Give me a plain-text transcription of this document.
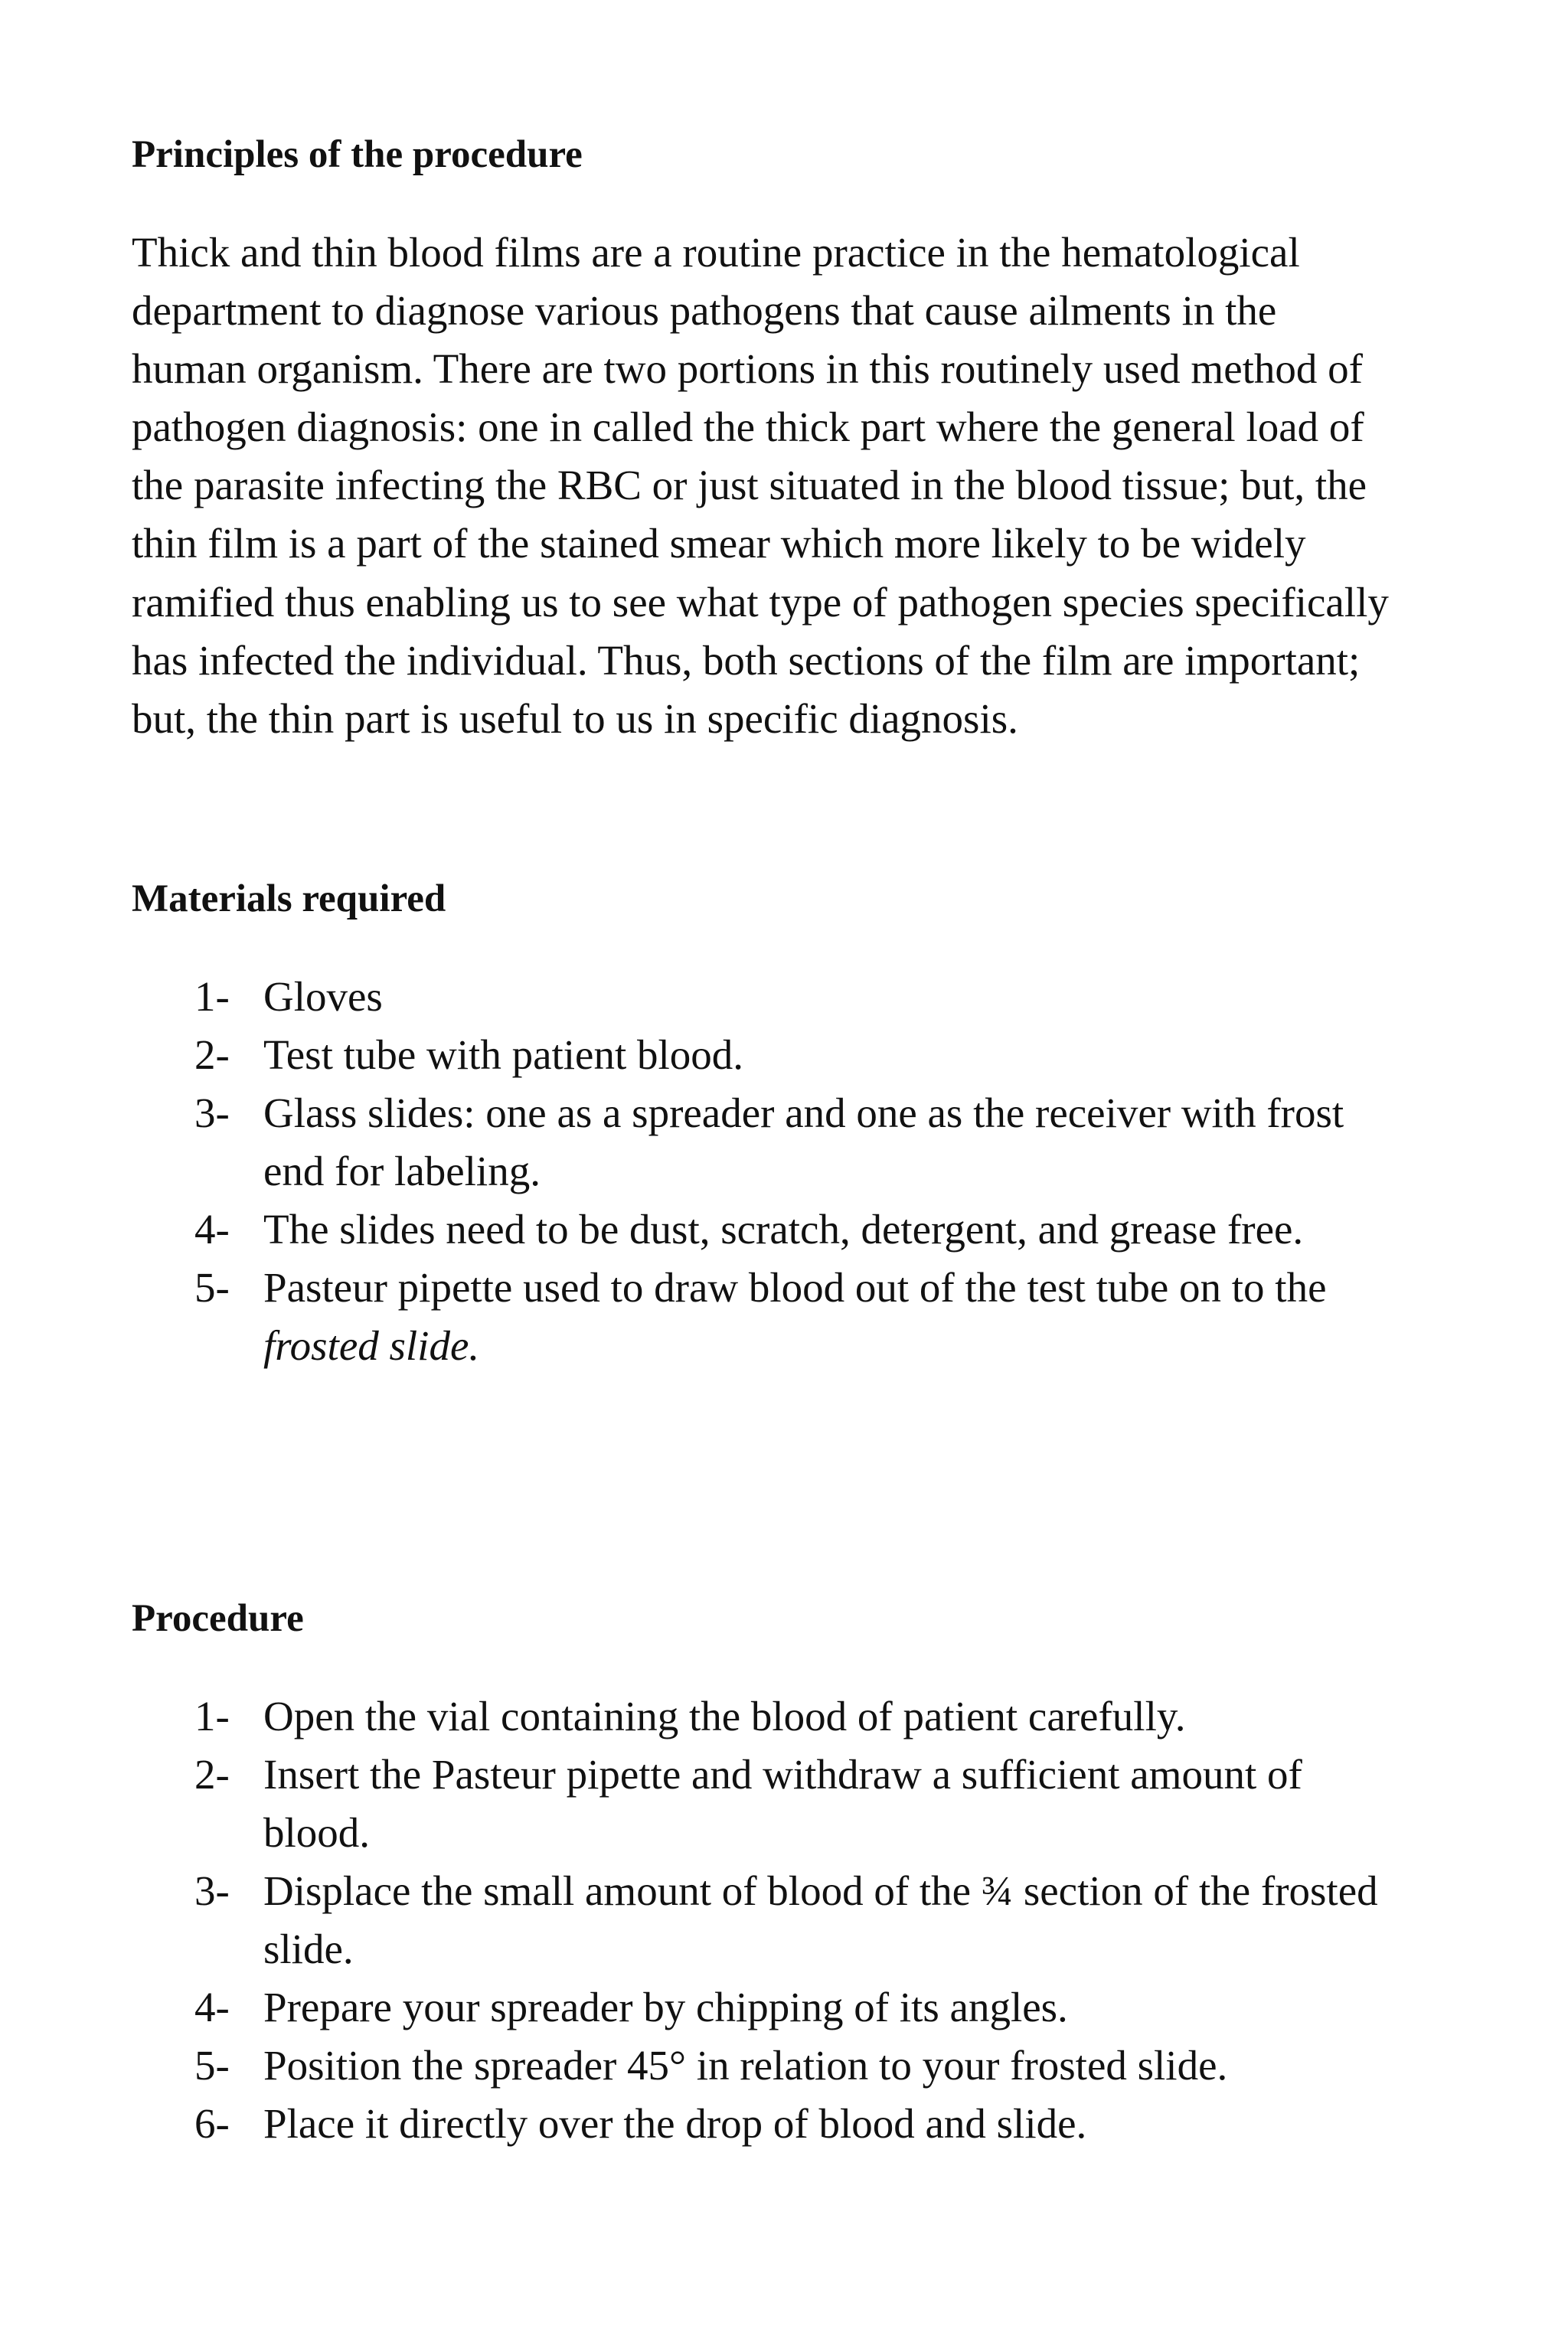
Principles of the procedure

Thick and thin blood films are a routine practice in the hematological
department to diagnose various pathogens that cause ailments in the
human organism. There are two portions in this routinely used method of
pathogen diagnosis: one in called the thick part where the general load of
the parasite infecting the RBC or just situated in the blood tissue; but, the
thin film is a part of the stained smear which more likely to be widely
ramified thus enabling us to see what type of pathogen species specifically
has infected the individual. Thus, both sections of the film are important;
but, the thin part is useful to us in specific diagnosis.

Materials required
1- Gloves
2- Test tube with patient blood.
3- Glass slides: one as a spreader and one as the receiver with frost
end for labeling.
4- The slides need to be dust, scratch, detergent, and grease free.
5- Pasteur pipette used to draw blood out of the test tube on to the
frosted slide.
Procedure
1- Open the vial containing the blood of patient carefully.
2- Insert the Pasteur pipette and withdraw a sufficient amount of
blood.
3- Displace the small amount of blood of the ¾ section of the frosted
slide.
4- Prepare your spreader by chipping of its angles.
5- Position the spreader 45° in relation to your frosted slide.
6- Place it directly over the drop of blood and slide.
